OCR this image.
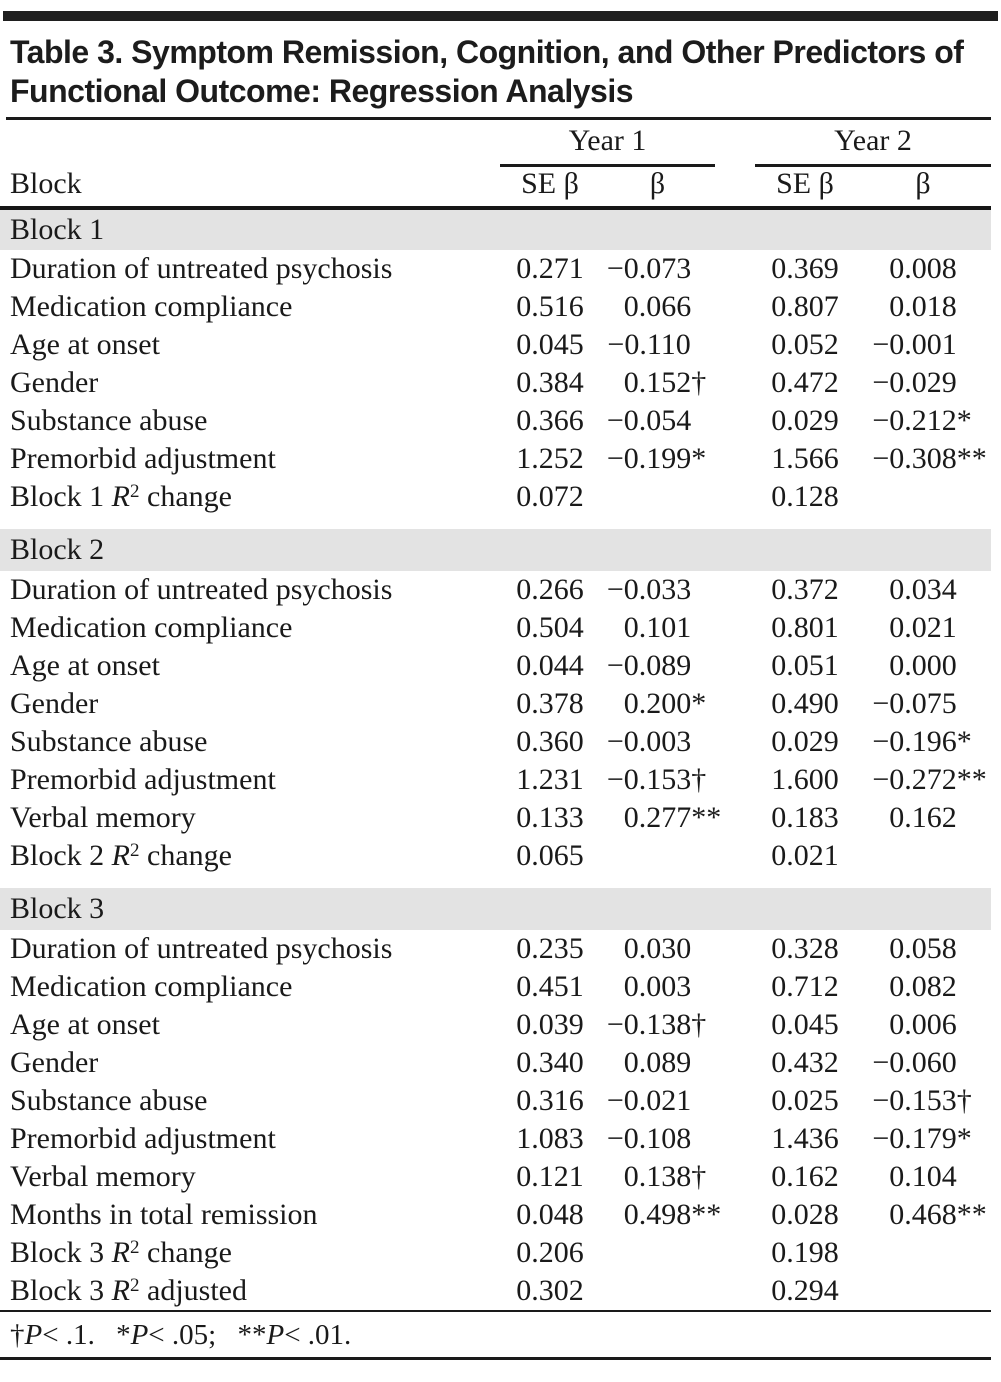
Table 3. Symptom Remission, Cognition, and Other Predictors of Functional Outcome: Regression Analysis
	Year 1			Year 2	
Block	SE β	β		SE β	β
Block 1					
Duration of untreated psychosis	0.271	− 0.073		0.369	0.008

Medication compliance	0.516	0.066		0.807	0.018

Age at onset	0.045	− 0.110		0.052	− 0.001

Gender	0.384	0.152 †		0.472	− 0.029

Substance abuse	0.366	− 0.054		0.029	− 0.212 *

Premorbid adjustment	1.252	− 0.199 *		1.566	− 0.308 **

Block 1 $R^2$ change	0.072			0.128	

Block 2					
Duration of untreated psychosis	0.266	− 0.033		0.372	0.034

Medication compliance	0.504	0.101		0.801	0.021

Age at onset	0.044	− 0.089		0.051	0.000

Gender	0.378	0.200 *		0.490	− 0.075

Substance abuse	0.360	− 0.003		0.029	− 0.196 *

Premorbid adjustment	1.231	− 0.153 †		1.600	− 0.272 **

Verbal memory	0.133	0.277 **		0.183	0.162

Block 2 $R^2$ change	0.065			0.021	

Block 3					
Duration of untreated psychosis	0.235	0.030		0.328	0.058

Medication compliance	0.451	0.003		0.712	0.082

Age at onset	0.039	− 0.138 †		0.045	0.006

Gender	0.340	0.089		0.432	− 0.060

Substance abuse	0.316	− 0.021		0.025	− 0.153 †

Premorbid adjustment	1.083	− 0.108		1.436	− 0.179 *

Verbal memory	0.121	0.138 †		0.162	0.104

Months in total remission	0.048	0.498 **		0.028	0.468 **

Block 3 $R^2$ change	0.206			0.198	

Block 3 $R^2$ adjusted	0.302			0.294	

†P< .1. *P< .05; **P< .01.
